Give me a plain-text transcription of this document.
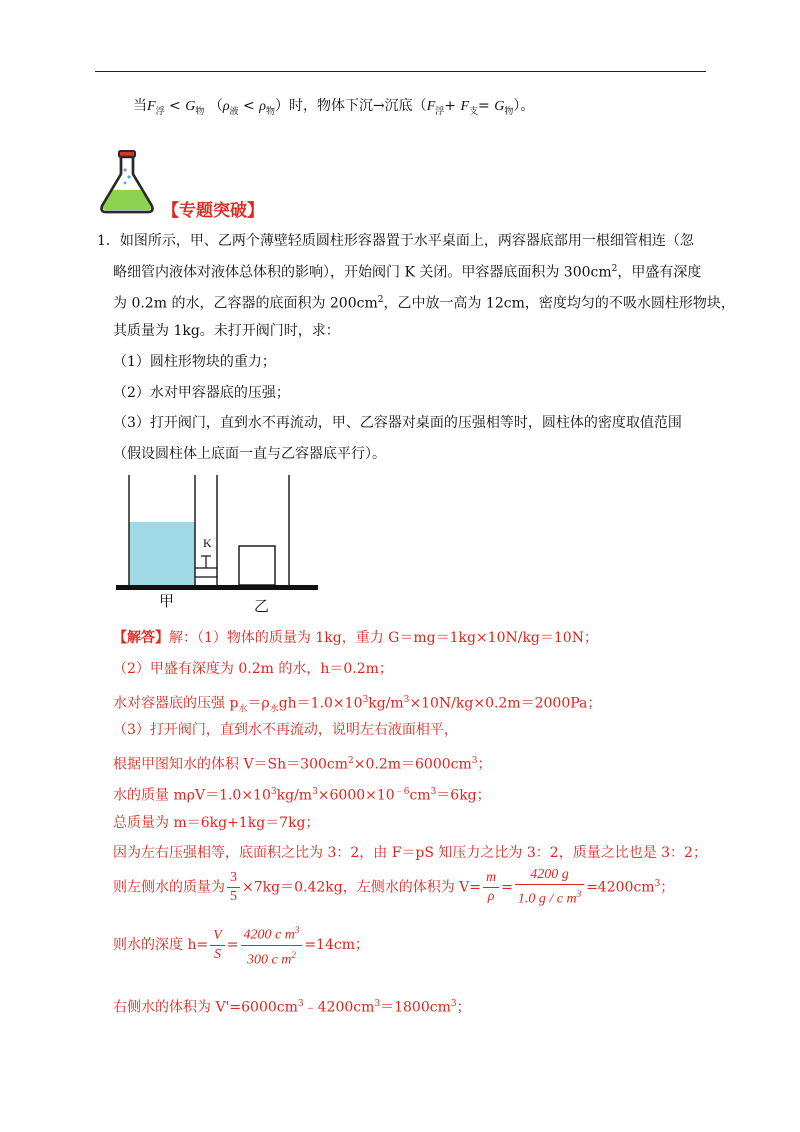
当$F_浮 < G_物$ $(\rho_液 < \rho_物)$时，物体下沉→沉底$(F_浮+ F_支= G_物)$。
【专题突破】
1．如图所示，甲、乙两个薄壁轻质圆柱形容器置于水平桌面上，两容器底部用一根细管相连（忽
略细管内液体对液体总体积的影响），开始阀门 K 关闭。甲容器底面积为 $300cm^2$，甲盛有深度
为 0.2m 的水，乙容器的底面积为 $200cm^2$，乙中放一高为 12cm，密度均匀的不吸水圆柱形物块，
其质量为 1kg。未打开阀门时，求：
（1）圆柱形物块的重力；
（2）水对甲容器底的压强；
（3）打开阀门，直到水不再流动，甲、乙容器对桌面的压强相等时，圆柱体的密度取值范围
（假设圆柱体上底面一直与乙容器底平行）。
K
甲	乙
【解答】解：（1）物体的质量为 1kg，重力 G＝mg＝1kg×10N/kg＝10N；
（2）甲盛有深度为 0.2m 的水，h＝0.2m；
水对容器底的压强 $p_水=\rho_水gh=1.0\times 10^3kg/m^3\times 10N/kg\times 0.2m=2000Pa$；
（3）打开阀门，直到水不再流动，说明左右液面相平，
根据甲图知水的体积 $V=Sh=300cm^2\times 0.2m=6000cm^3$；
水的质量 $m\rho V=1.0\times 10^3kg/m^3\times 6000\times 10^{﹣6}cm^3=6kg$；
总质量为 m＝6kg+1kg＝7kg；
因为左右压强相等，底面积之比为 3：2，由 F＝pS 知压力之比为 3：2，质量之比也是 3：2；
则左侧水的质量为 $\frac{3}{5} \times 7kg=0.42kg$，左侧水的体积为 $V= \frac{m}{\rho} = \frac{4200 g}{1.0 g / c m^3} =4200cm^3$；
则水的深度 $h= \frac{V}{S} = \frac{4200 c m^3}{300 c m^2} =14cm$；
右侧水的体积为 $V'=6000cm^3﹣4200cm^3=1800cm^3$；
